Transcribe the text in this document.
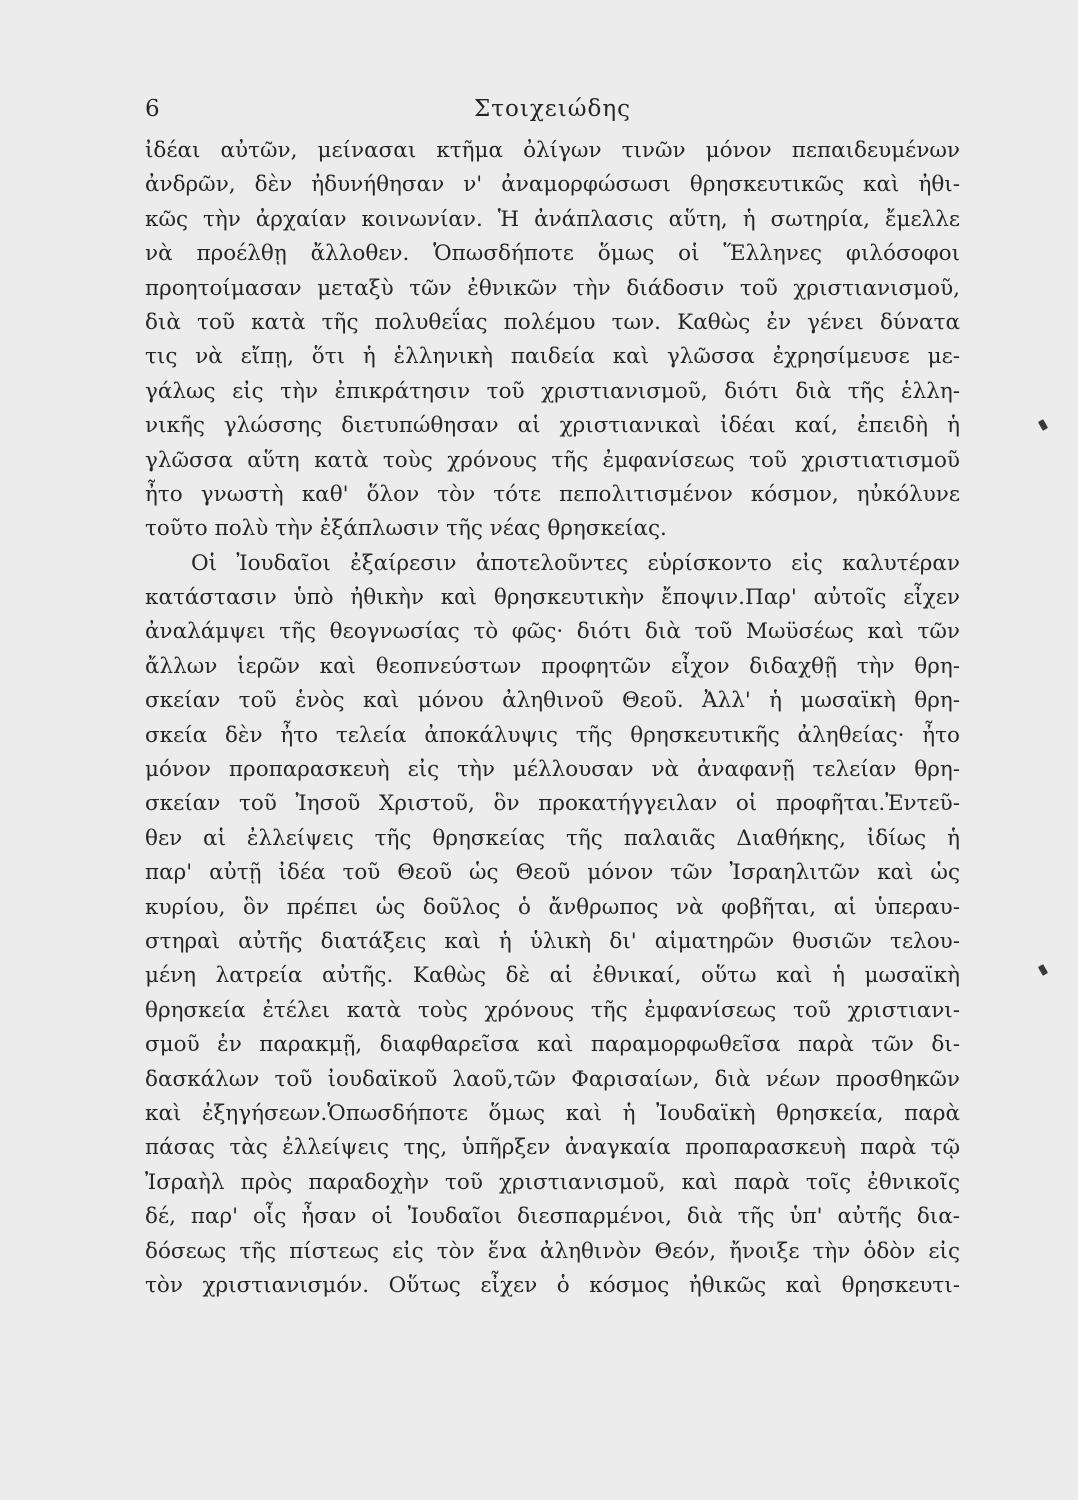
6	Στοιχειώδης
ἰδέαι αὐτῶν, μείνασαι κτῆμα ὀλίγων τινῶν μόνον πεπαιδευμένων
ἀνδρῶν, δὲν ἠδυνήθησαν ν' ἀναμορφώσωσι θρησκευτικῶς καὶ ἠθι-
κῶς τὴν ἀρχαίαν κοινωνίαν. Ἡ ἀνάπλασις αὕτη, ἡ σωτηρία, ἔμελλε
νὰ προέλθῃ ἄλλοθεν. Ὁπωσδήποτε ὅμως οἱ Ἕλληνες φιλόσοφοι
προητοίμασαν μεταξὺ τῶν ἐθνικῶν τὴν διάδοσιν τοῦ χριστιανισμοῦ,
διὰ τοῦ κατὰ τῆς πολυθεΐας πολέμου των. Καθὼς ἐν γένει δύνατα
τις νὰ εἴπῃ, ὅτι ἡ ἑλληνικὴ παιδεία καὶ γλῶσσα ἐχρησίμευσε με-
γάλως εἰς τὴν ἐπικράτησιν τοῦ χριστιανισμοῦ, διότι διὰ τῆς ἑλλη-
νικῆς γλώσσης διετυπώθησαν αἱ χριστιανικαὶ ἰδέαι καί, ἐπειδὴ ἡ
γλῶσσα αὕτη κατὰ τοὺς χρόνους τῆς ἐμφανίσεως τοῦ χριστιατισμοῦ
ἦτο γνωστὴ καθ' ὅλον τὸν τότε πεπολιτισμένον κόσμον, ηὐκόλυνε
τοῦτο πολὺ τὴν ἐξάπλωσιν τῆς νέας θρησκείας.
Οἱ Ἰουδαῖοι ἐξαίρεσιν ἀποτελοῦντες εὑρίσκοντο εἰς καλυτέραν
κατάστασιν ὑπὸ ἠθικὴν καὶ θρησκευτικὴν ἔποψιν.Παρ' αὐτοῖς εἶχεν
ἀναλάμψει τῆς θεογνωσίας τὸ φῶς· διότι διὰ τοῦ Μωϋσέως καὶ τῶν
ἄλλων ἱερῶν καὶ θεοπνεύστων προφητῶν εἶχον διδαχθῇ τὴν θρη-
σκείαν τοῦ ἑνὸς καὶ μόνου ἀληθινοῦ Θεοῦ. Ἀλλ' ἡ μωσαϊκὴ θρη-
σκεία δὲν ἦτο τελεία ἀποκάλυψις τῆς θρησκευτικῆς ἀληθείας· ἦτο
μόνον προπαρασκευὴ εἰς τὴν μέλλουσαν νὰ ἀναφανῇ τελείαν θρη-
σκείαν τοῦ Ἰησοῦ Χριστοῦ, ὃν προκατήγγειλαν οἱ προφῆται.Ἐντεῦ-
θεν αἱ ἐλλείψεις τῆς θρησκείας τῆς παλαιᾶς Διαθήκης, ἰδίως ἡ
παρ' αὐτῇ ἰδέα τοῦ Θεοῦ ὡς Θεοῦ μόνον τῶν Ἰσραηλιτῶν καὶ ὡς
κυρίου, ὃν πρέπει ὡς δοῦλος ὁ ἄνθρωπος νὰ φοβῆται, αἱ ὑπεραυ-
στηραὶ αὐτῆς διατάξεις καὶ ἡ ὑλικὴ δι' αἱματηρῶν θυσιῶν τελου-
μένη λατρεία αὐτῆς. Καθὼς δὲ αἱ ἐθνικαί, οὕτω καὶ ἡ μωσαϊκὴ
θρησκεία ἐτέλει κατὰ τοὺς χρόνους τῆς ἐμφανίσεως τοῦ χριστιανι-
σμοῦ ἐν παρακμῇ, διαφθαρεῖσα καὶ παραμορφωθεῖσα παρὰ τῶν δι-
δασκάλων τοῦ ἰουδαϊκοῦ λαοῦ,τῶν Φαρισαίων, διὰ νέων προσθηκῶν
καὶ ἐξηγήσεων.Ὁπωσδήποτε ὅμως καὶ ἡ Ἰουδαϊκὴ θρησκεία, παρὰ
πάσας τὰς ἐλλείψεις της, ὑπῆρξεν ἀναγκαία προπαρασκευὴ παρὰ τῷ
Ἰσραὴλ πρὸς παραδοχὴν τοῦ χριστιανισμοῦ, καὶ παρὰ τοῖς ἐθνικοῖς
δέ, παρ' οἷς ἦσαν οἱ Ἰουδαῖοι διεσπαρμένοι, διὰ τῆς ὑπ' αὐτῆς δια-
δόσεως τῆς πίστεως εἰς τὸν ἕνα ἀληθινὸν Θεόν, ἤνοιξε τὴν ὁδὸν εἰς
τὸν χριστιανισμόν. Οὕτως εἶχεν ὁ κόσμος ἠθικῶς καὶ θρησκευτι-
